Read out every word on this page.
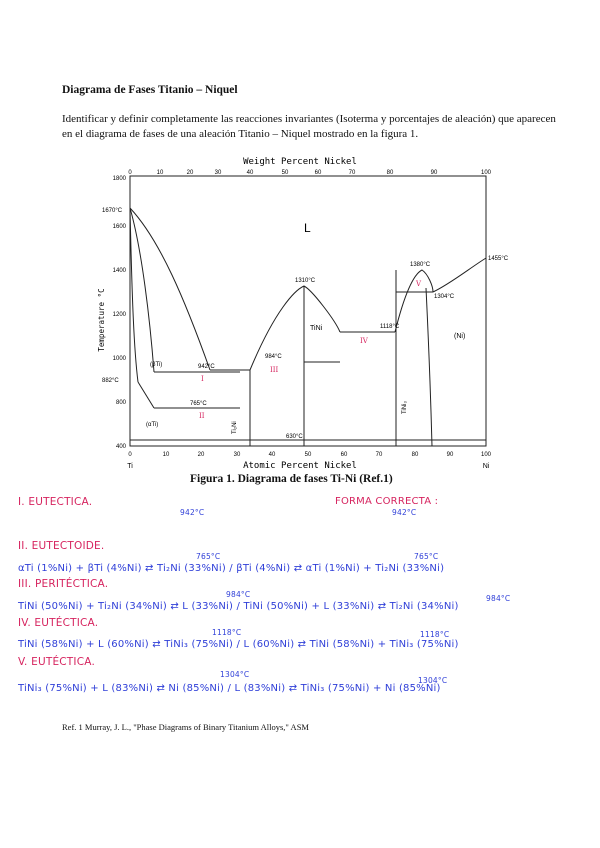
Diagrama de Fases Titanio – Niquel
Identificar y definir completamente las reacciones invariantes (Isoterma y porcentajes de aleación) que aparecen en el diagrama de fases de una aleación Titanio – Niquel mostrado en la figura 1.
Weight Percent Nickel
0	10	20	30	40	50	60	70	80	90	100
1800
1600
1400
1200
1000
800
400
Temperature °C
L
1670°C
1455°C
1310°C
1380°C
1304°C
1118°C
942°C
984°C
765°C
882°C
630°C
(βTi)
(αTi)	Ti₂Ni
TiNi
TiNi₃
(Ni)
I
II
III
IV
V
0	10	20	30	40	50	60	70	80	90	100
Ti	Ni
Atomic Percent Nickel
Figura 1. Diagrama de fases Ti-Ni (Ref.1)
I. EUTECTICA.	FORMA CORRECTA :
942°C	942°C
II. EUTECTOIDE.
765°C	765°C
αTi (1%Ni) + βTi (4%Ni) ⇄ Ti₂Ni (33%Ni) / βTi (4%Ni) ⇄ αTi (1%Ni) + Ti₂Ni (33%Ni)
III. PERITÉCTICA.
984°C	984°C
TiNi (50%Ni) + Ti₂Ni (34%Ni) ⇄ L (33%Ni) / TiNi (50%Ni) + L (33%Ni) ⇄ Ti₂Ni (34%Ni)
IV. EUTÉCTICA.
1118°C	1118°C
TiNi (58%Ni) + L (60%Ni) ⇄ TiNi₃ (75%Ni) / L (60%Ni) ⇄ TiNi (58%Ni) + TiNi₃ (75%Ni)
V. EUTÉCTICA.
1304°C
1304°C
TiNi₃ (75%Ni) + L (83%Ni) ⇄ Ni (85%Ni) / L (83%Ni) ⇄ TiNi₃ (75%Ni) + Ni (85%Ni)
Ref. 1 Murray, J. L., "Phase Diagrams of Binary Titanium Alloys," ASM
